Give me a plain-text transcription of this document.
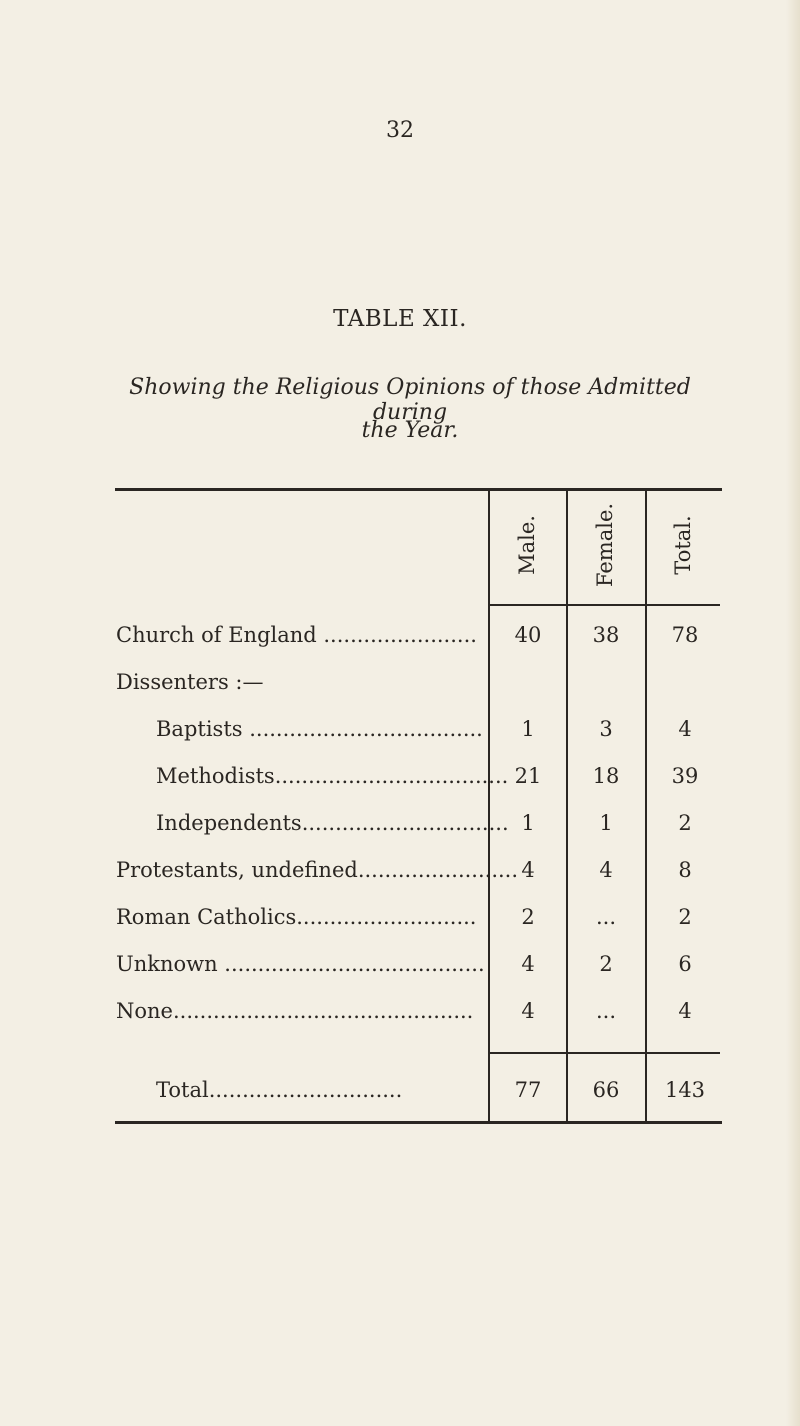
32
TABLE XII.
Showing the Religious Opinions of those Admitted during
the Year.
Male.	Female.	Total.
Church of England .......................	40	38	78
Dissenters :—
Baptists ...................................	1	3	4
Methodists................................... 21	18	39
Independents............................... 1	1	2
Protestants, undefined........................ 4	4	8
Roman Catholics...........................	2	...	2
Unknown .......................................	4	2	6
None.............................................	4	...	4
Total.............................	77	66	143
